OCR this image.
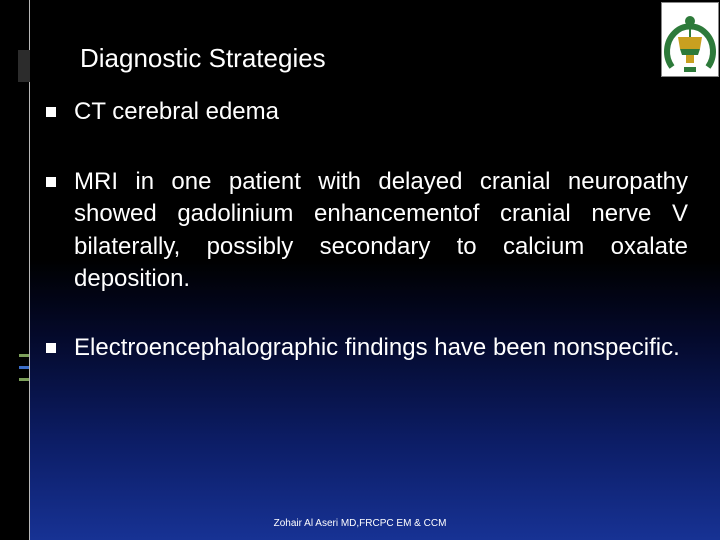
Diagnostic Strategies
CT cerebral edema
MRI in one patient with delayed cranial neuropathy showed gadolinium enhancementof cranial nerve V bilaterally, possibly secondary to calcium oxalate deposition.
Electroencephalographic findings have been nonspecific.
Zohair Al Aseri MD,FRCPC EM & CCM
